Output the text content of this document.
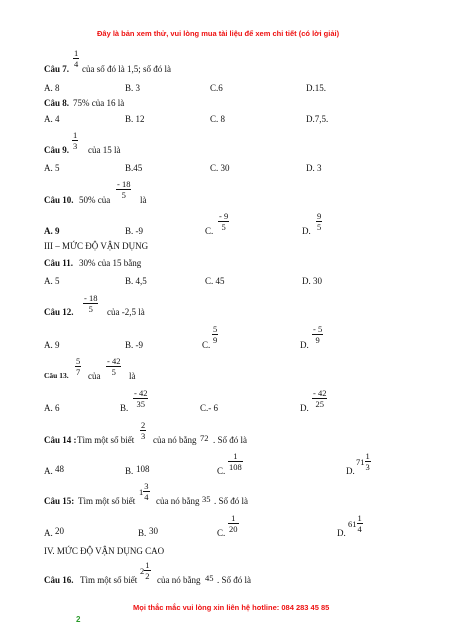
Đây là bản xem thử, vui lòng mua tài liệu để xem chi tiết (có lời giải)
1
4
Câu 7. của số đó là 1,5; số đó là
A. 8	B. 3	C.6	D.15.
Câu 8. 75% của 16 là
A. 4	B. 12	C. 8	D.7,5.
1
3
Câu 9. của 15 là
A. 5	B.45	C. 30	D. 3
Câu 10. 50% của
- 18
5 là
A. 9	B. -9	C.
- 9
5	D.
9
5
III – MỨC ĐỘ VẬN DỤNG
Câu 11. 30% của 15 bằng
A. 5	B. 4,5	C. 45	D. 30
Câu 12.
- 18
5 của -2,5 là
A. 9	B. -9	C.
5
9	D.
- 5
9
Câu 13.
5
7 của
- 42
5 là
A. 6	B.
- 42
35	C.- 6	D.
- 42
25
Câu 14 : Tìm một số biết
2
3 của nó bằng 72 . Số đó là
A. 48	B. 108	C.
1
108	D.
$71 \frac{1}{3}$
Câu 15: Tìm một số biết
$1 \frac{3}{4}$ của nó bằng 35 . Số đó là
A. 20	B. 30	C.
1
20	D.
$61 \frac{1}{4}$
IV. MỨC ĐỘ VẬN DỤNG CAO
Câu 16. Tìm một số biết
$2 \frac{1}{2}$ của nó bằng 45 . Số đó là
Mọi thắc mắc vui lòng xin liên hệ hotline: 084 283 45 85
2
